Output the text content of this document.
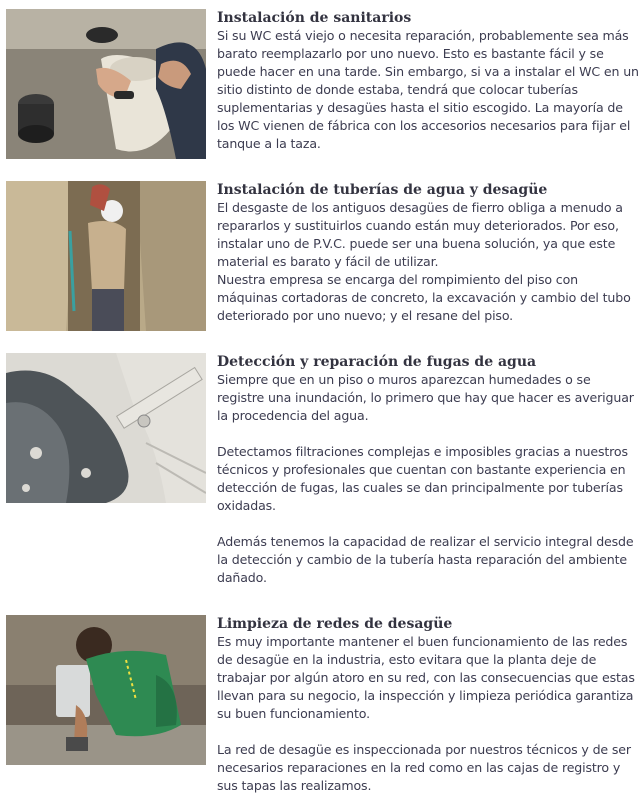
Instalación de sanitarios

Si su WC está viejo o necesita reparación, probablemente sea más barato reemplazarlo por uno nuevo. Esto es bastante fácil y se puede hacer en una tarde. Sin embargo, si va a instalar el WC en un sitio distinto de donde estaba, tendrá que colocar tuberías suplementarias y desagües hasta el sitio escogido. La mayoría de los WC vienen de fábrica con los accesorios necesarios para fijar el tanque a la taza.

Instalación de tuberías de agua y desagüe

El desgaste de los antiguos desagües de fierro obliga a menudo a repararlos y sustituirlos cuando están muy deteriorados. Por eso, instalar uno de P.V.C. puede ser una buena solución, ya que este material es barato y fácil de utilizar.

Nuestra empresa se encarga del rompimiento del piso con máquinas cortadoras de concreto, la excavación y cambio del tubo deteriorado por uno nuevo; y el resane del piso.

Detección y reparación de fugas de agua

Siempre que en un piso o muros aparezcan humedades o se registre una inundación, lo primero que hay que hacer es averiguar la procedencia del agua.

Detectamos filtraciones complejas e imposibles gracias a nuestros técnicos y profesionales que cuentan con bastante experiencia en detección de fugas, las cuales se dan principalmente por tuberías oxidadas.

Además tenemos la capacidad de realizar el servicio integral desde la detección y cambio de la tubería hasta reparación del ambiente dañado.

Limpieza de redes de desagüe

Es muy importante mantener el buen funcionamiento de las redes de desagüe en la industria, esto evitara que la planta deje de trabajar por algún atoro en su red, con las consecuencias que estas llevan para su negocio, la inspección y limpieza periódica garantiza su buen funcionamiento.

La red de desagüe es inspeccionada por nuestros técnicos y de ser necesarios reparaciones en la red como en las cajas de registro y sus tapas las realizamos.
